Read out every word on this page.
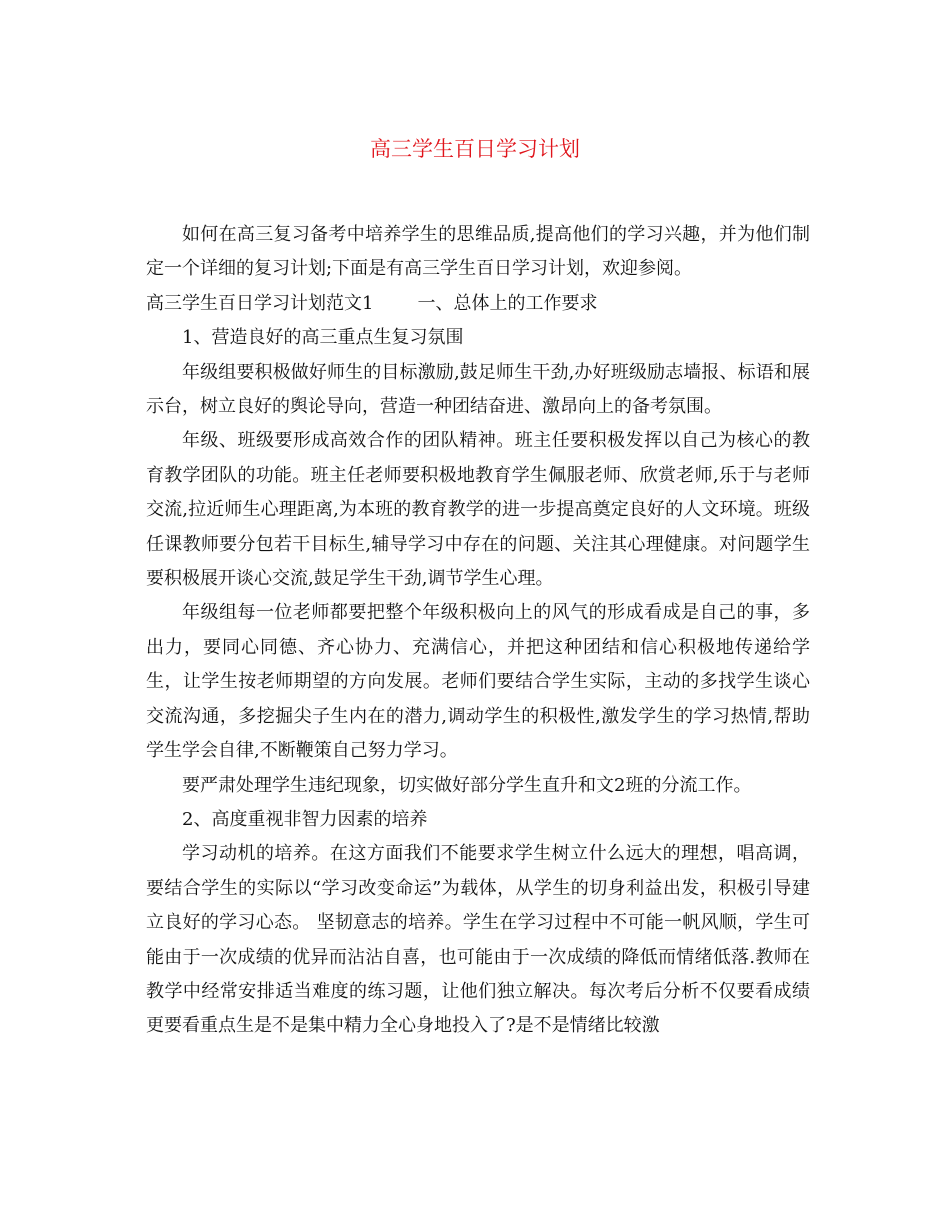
高三学生百日学习计划

如何在高三复习备考中培养学生的思维品质,提高他们的学习兴趣，并为他们制定一个详细的复习计划;下面是有高三学生百日学习计划，欢迎参阅。

高三学生百日学习计划范文1 一、总体上的工作要求

1、营造良好的高三重点生复习氛围

年级组要积极做好师生的目标激励,鼓足师生干劲,办好班级励志墙报、标语和展示台，树立良好的舆论导向，营造一种团结奋进、激昂向上的备考氛围。

年级、班级要形成高效合作的团队精神。班主任要积极发挥以自己为核心的教育教学团队的功能。班主任老师要积极地教育学生佩服老师、欣赏老师,乐于与老师交流,拉近师生心理距离,为本班的教育教学的进一步提高奠定良好的人文环境。班级任课教师要分包若干目标生,辅导学习中存在的问题、关注其心理健康。对问题学生要积极展开谈心交流,鼓足学生干劲,调节学生心理。

年级组每一位老师都要把整个年级积极向上的风气的形成看成是自己的事，多出力，要同心同德、齐心协力、充满信心，并把这种团结和信心积极地传递给学生，让学生按老师期望的方向发展。老师们要结合学生实际，主动的多找学生谈心交流沟通，多挖掘尖子生内在的潜力,调动学生的积极性,激发学生的学习热情,帮助学生学会自律,不断鞭策自己努力学习。

要严肃处理学生违纪现象，切实做好部分学生直升和文2班的分流工作。

2、高度重视非智力因素的培养

学习动机的培养。在这方面我们不能要求学生树立什么远大的理想，唱高调，要结合学生的实际以“学习改变命运”为载体，从学生的切身利益出发，积极引导建立良好的学习心态。 坚韧意志的培养。学生在学习过程中不可能一帆风顺，学生可能由于一次成绩的优异而沾沾自喜，也可能由于一次成绩的降低而情绪低落.教师在教学中经常安排适当难度的练习题，让他们独立解决。每次考后分析不仅要看成绩更要看重点生是不是集中精力全心身地投入了?是不是情绪比较激
